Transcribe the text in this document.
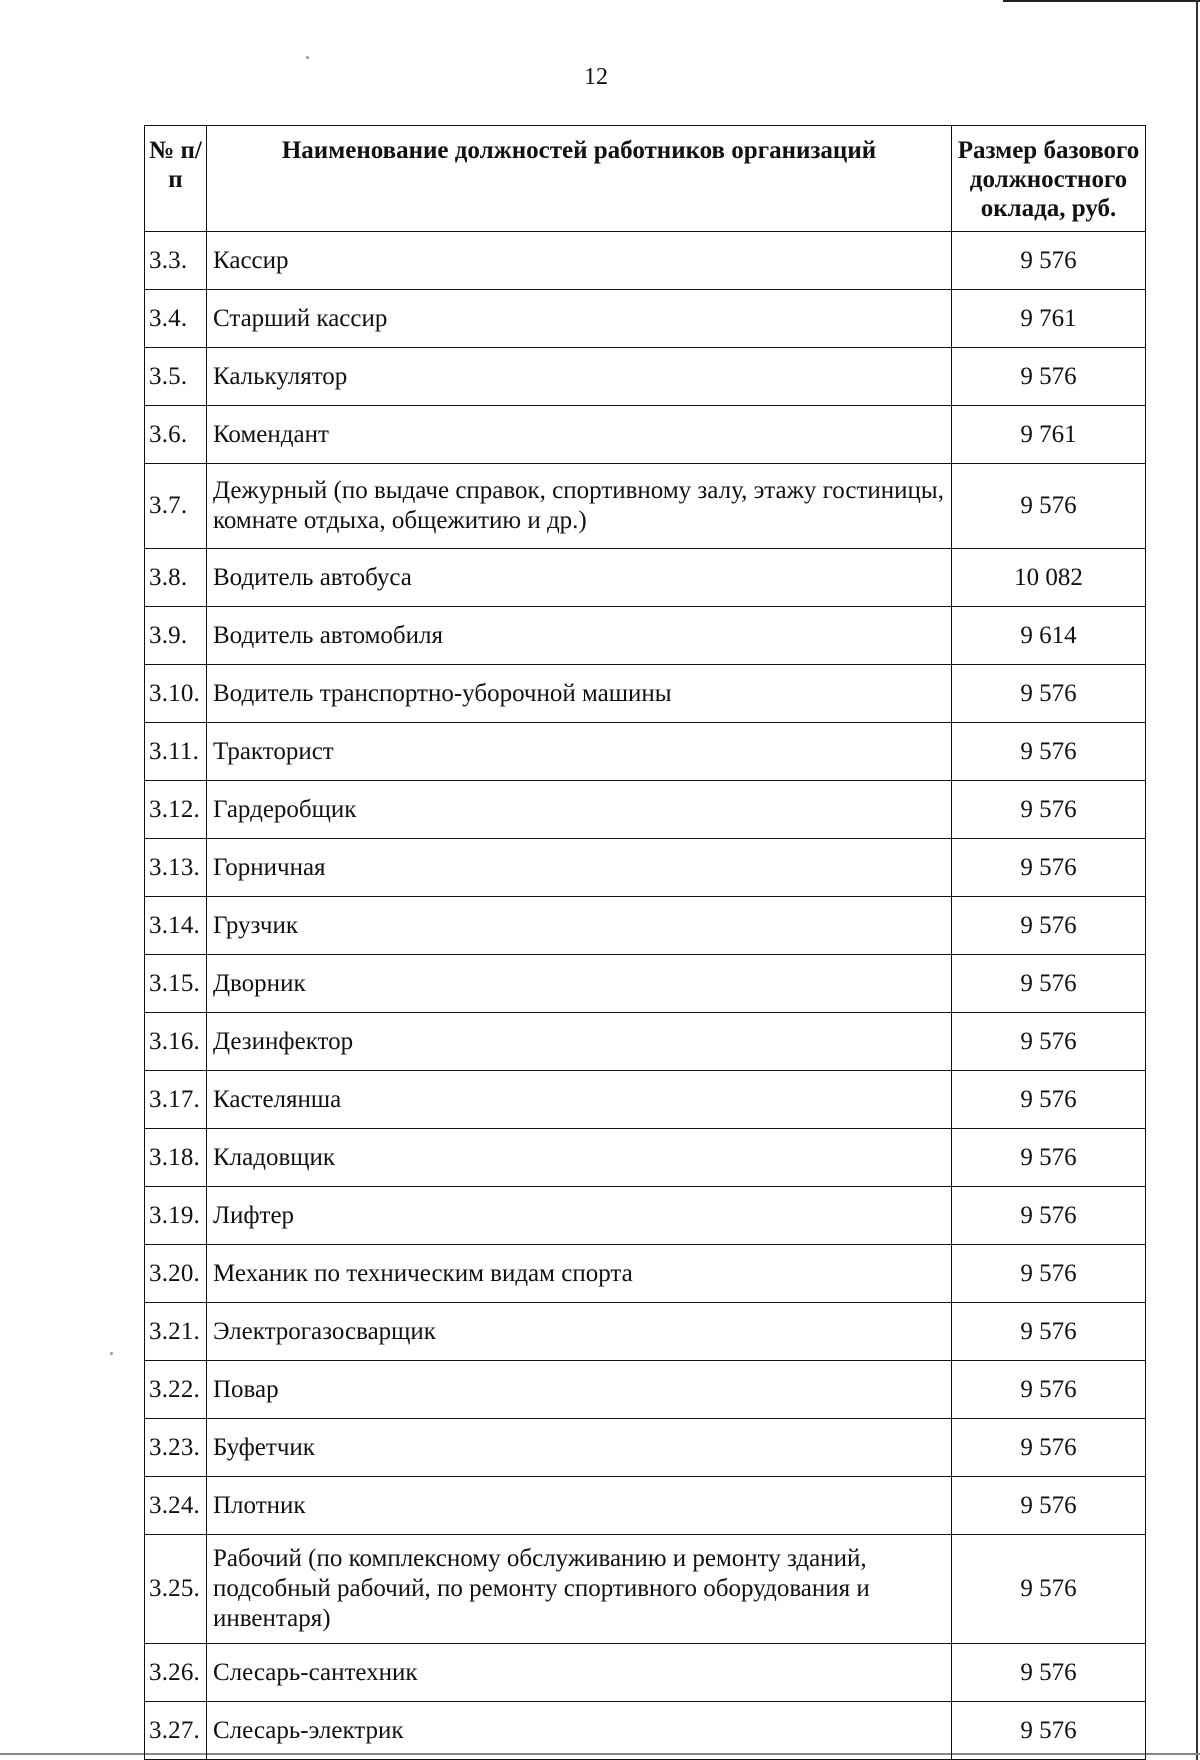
12
№ п/п	Наименование должностей работников организаций	Размер базового должностного оклада, руб.
3.3.	Кассир	9 576
3.4.	Старший кассир	9 761
3.5.	Калькулятор	9 576
3.6.	Комендант	9 761
3.7.	Дежурный (по выдаче справок, спортивному залу, этажу гостиницы, комнате отдыха, общежитию и др.)	9 576
3.8.	Водитель автобуса	10 082
3.9.	Водитель автомобиля	9 614
3.10.	Водитель транспортно-уборочной машины	9 576
3.11.	Тракторист	9 576
3.12.	Гардеробщик	9 576
3.13.	Горничная	9 576
3.14.	Грузчик	9 576
3.15.	Дворник	9 576
3.16.	Дезинфектор	9 576
3.17.	Кастелянша	9 576
3.18.	Кладовщик	9 576
3.19.	Лифтер	9 576
3.20.	Механик по техническим видам спорта	9 576
3.21.	Электрогазосварщик	9 576
3.22.	Повар	9 576
3.23.	Буфетчик	9 576
3.24.	Плотник	9 576
3.25.	Рабочий (по комплексному обслуживанию и ремонту зданий, подсобный рабочий, по ремонту спортивного оборудования и инвентаря)	9 576
3.26.	Слесарь-сантехник	9 576
3.27.	Слесарь-электрик	9 576
